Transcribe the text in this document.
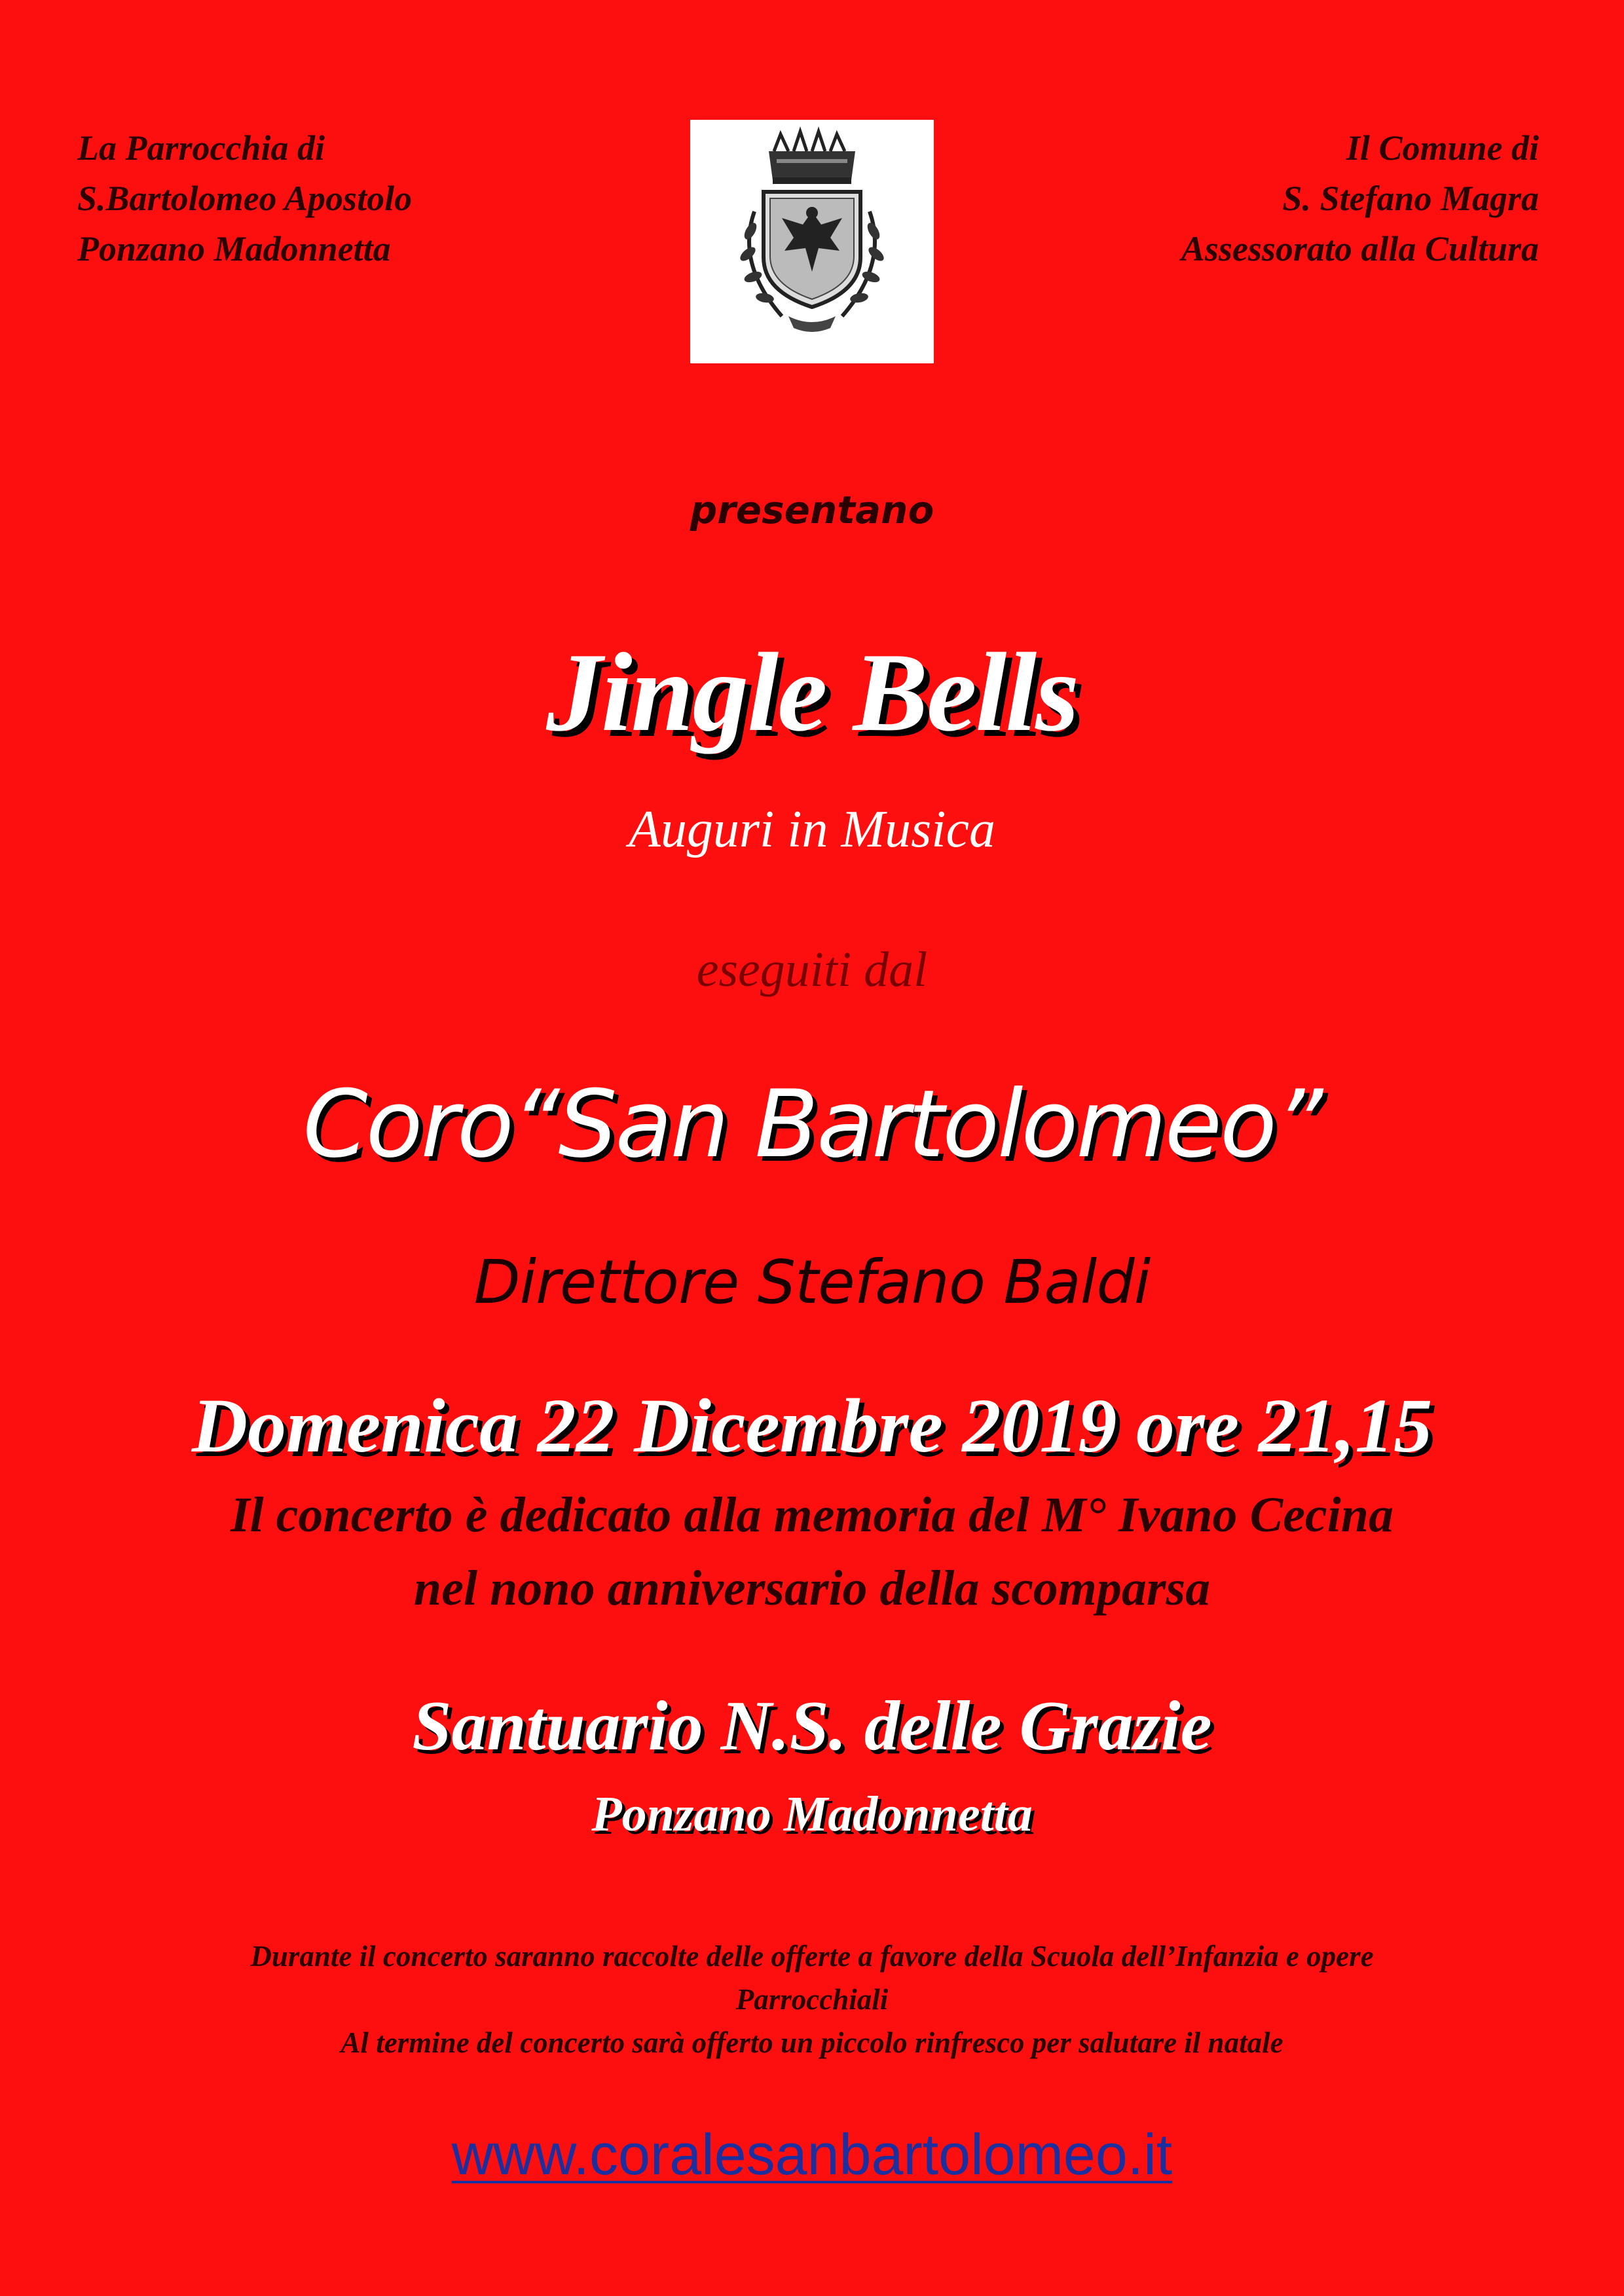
La Parrocchia di
S.Bartolomeo Apostolo
Ponzano Madonnetta
Il Comune di
S. Stefano Magra
Assessorato alla Cultura
presentano
Jingle Bells
Auguri in Musica
eseguiti dal
Coro“San Bartolomeo”
Direttore Stefano Baldi
Domenica 22 Dicembre 2019 ore 21,15
Il concerto è dedicato alla memoria del M° Ivano Cecina
nel nono anniversario della scomparsa
Santuario N.S. delle Grazie
Ponzano Madonnetta
Durante il concerto saranno raccolte delle offerte a favore della Scuola dell’Infanzia e opere
Parrocchiali
Al termine del concerto sarà offerto un piccolo rinfresco per salutare il natale
www.coralesanbartolomeo.it
